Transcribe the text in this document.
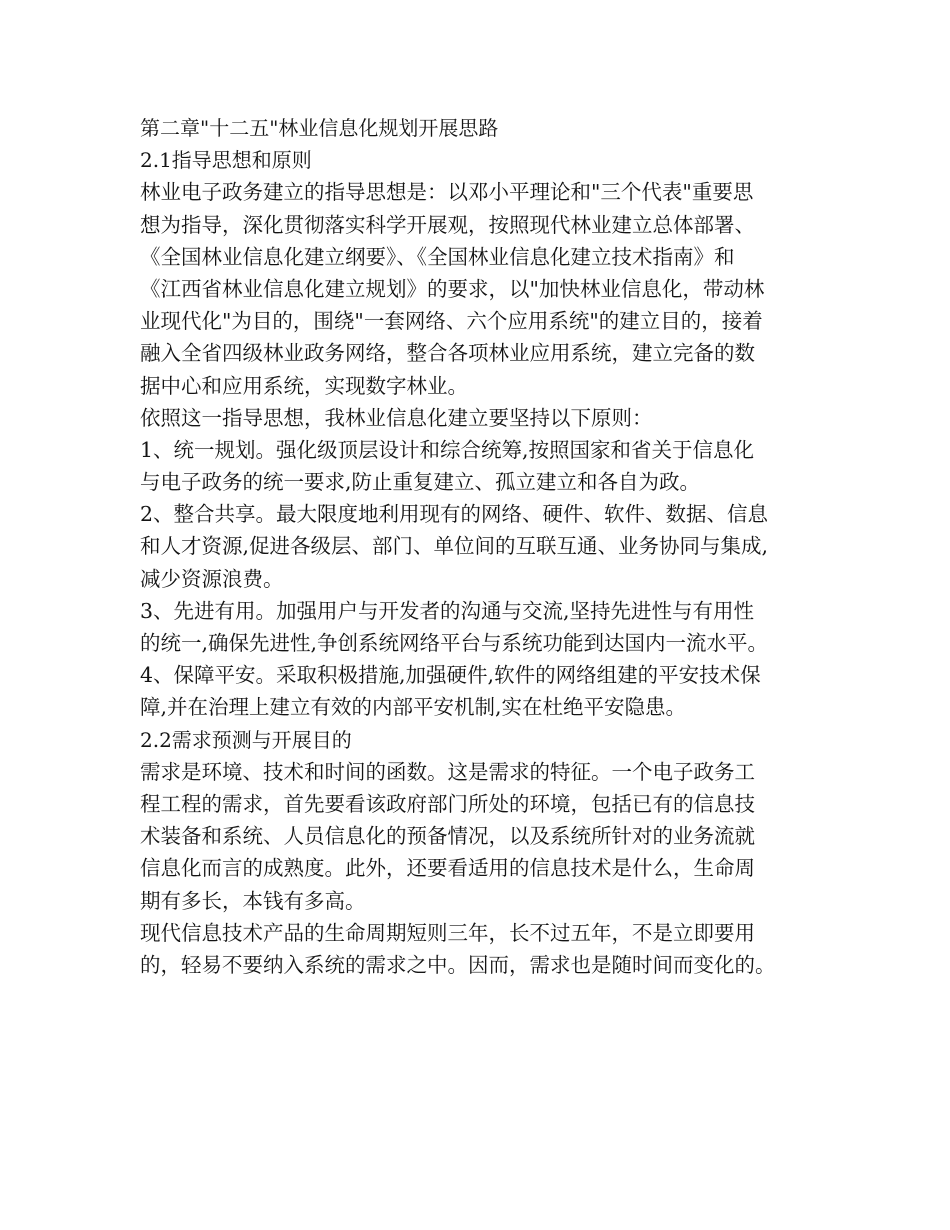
第二章"十二五"林业信息化规划开展思路
2.1指导思想和原则
林业电子政务建立的指导思想是：以邓小平理论和"三个代表"重要思
想为指导，深化贯彻落实科学开展观，按照现代林业建立总体部署、
《全国林业信息化建立纲要》、《全国林业信息化建立技术指南》和
《江西省林业信息化建立规划》的要求，以"加快林业信息化，带动林
业现代化"为目的，围绕"一套网络、六个应用系统"的建立目的，接着
融入全省四级林业政务网络，整合各项林业应用系统，建立完备的数
据中心和应用系统，实现数字林业。
依照这一指导思想，我林业信息化建立要坚持以下原则：
1、统一规划。强化级顶层设计和综合统筹,按照国家和省关于信息化
与电子政务的统一要求,防止重复建立、孤立建立和各自为政。
2、整合共享。最大限度地利用现有的网络、硬件、软件、数据、信息
和人才资源,促进各级层、部门、单位间的互联互通、业务协同与集成,
减少资源浪费。
3、先进有用。加强用户与开发者的沟通与交流,坚持先进性与有用性
的统一,确保先进性,争创系统网络平台与系统功能到达国内一流水平。
4、保障平安。采取积极措施,加强硬件,软件的网络组建的平安技术保
障,并在治理上建立有效的内部平安机制,实在杜绝平安隐患。
2.2需求预测与开展目的
需求是环境、技术和时间的函数。这是需求的特征。一个电子政务工
程工程的需求，首先要看该政府部门所处的环境，包括已有的信息技
术装备和系统、人员信息化的预备情况，以及系统所针对的业务流就
信息化而言的成熟度。此外，还要看适用的信息技术是什么，生命周
期有多长，本钱有多高。
现代信息技术产品的生命周期短则三年，长不过五年，不是立即要用
的，轻易不要纳入系统的需求之中。因而，需求也是随时间而变化的。
